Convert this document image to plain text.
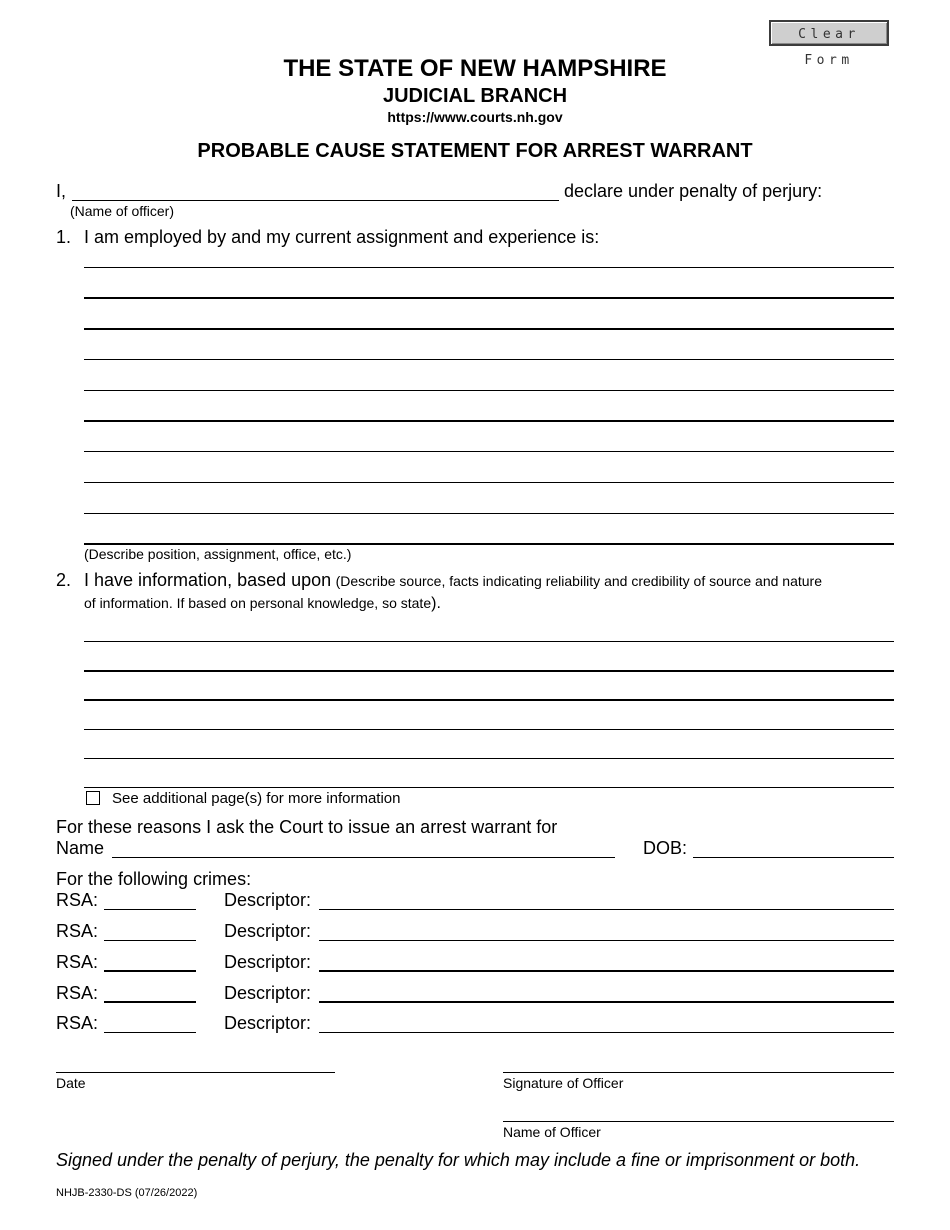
Clear Form
THE STATE OF NEW HAMPSHIRE
JUDICIAL BRANCH
https://www.courts.nh.gov
PROBABLE CAUSE STATEMENT FOR ARREST WARRANT
I,	declare under penalty of perjury:
(Name of officer)
1. I am employed by and my current assignment and experience is:
(Describe position, assignment, office, etc.)
2. I have information, based upon (Describe source, facts indicating reliability and credibility of source and nature
of information. If based on personal knowledge, so state).
See additional page(s) for more information
For these reasons I ask the Court to issue an arrest warrant for
Name	DOB:
For the following crimes:
RSA:	Descriptor:
RSA:	Descriptor:
RSA:	Descriptor:
RSA:	Descriptor:
RSA:	Descriptor:
Date	Signature of Officer
Name of Officer
Signed under the penalty of perjury, the penalty for which may include a fine or imprisonment or both.
NHJB-2330-DS (07/26/2022)
